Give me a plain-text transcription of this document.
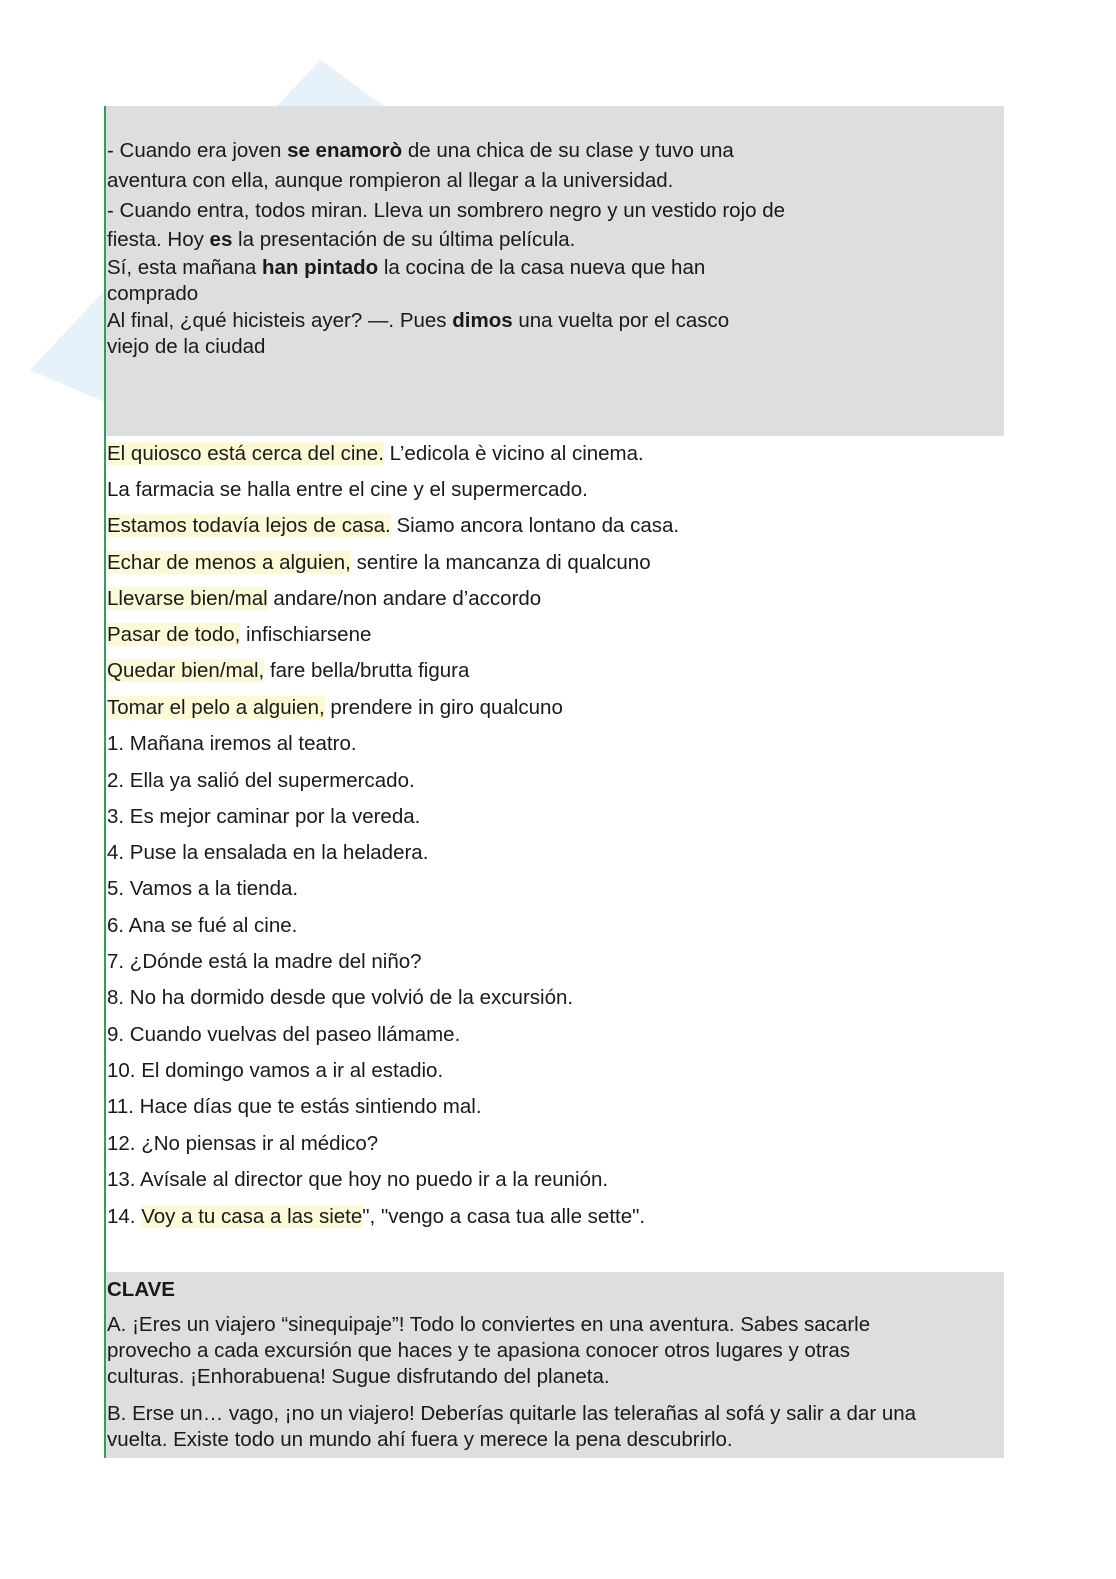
- Cuando era joven se enamorò de una chica de su clase y tuvo una

aventura con ella, aunque rompieron al llegar a la universidad.

- Cuando entra, todos miran. Lleva un sombrero negro y un vestido rojo de

fiesta. Hoy es la presentación de su última película.

Sí, esta mañana han pintado la cocina de la casa nueva que han

comprado

Al final, ¿qué hicisteis ayer? —. Pues dimos una vuelta por el casco

viejo de la ciudad

El quiosco está cerca del cine. L’edicola è vicino al cinema.

La farmacia se halla entre el cine y el supermercado.

Estamos todavía lejos de casa. Siamo ancora lontano da casa.

Echar de menos a alguien, sentire la mancanza di qualcuno

Llevarse bien/mal andare/non andare d’accordo

Pasar de todo, infischiarsene

Quedar bien/mal, fare bella/brutta figura

Tomar el pelo a alguien, prendere in giro qualcuno

1. Mañana iremos al teatro.

2. Ella ya salió del supermercado.

3. Es mejor caminar por la vereda.

4. Puse la ensalada en la heladera.

5. Vamos a la tienda.

6. Ana se fué al cine.

7. ¿Dónde está la madre del niño?

8. No ha dormido desde que volvió de la excursión.

9. Cuando vuelvas del paseo llámame.

10. El domingo vamos a ir al estadio.

11. Hace días que te estás sintiendo mal.

12. ¿No piensas ir al médico?

13. Avísale al director que hoy no puedo ir a la reunión.

14. Voy a tu casa a las siete", "vengo a casa tua alle sette".

CLAVE

A. ¡Eres un viajero “sinequipaje”! Todo lo conviertes en una aventura. Sabes sacarle

provecho a cada excursión que haces y te apasiona conocer otros lugares y otras

culturas. ¡Enhorabuena! Sugue disfrutando del planeta.

B. Erse un… vago, ¡no un viajero! Deberías quitarle las telerañas al sofá y salir a dar una

vuelta. Existe todo un mundo ahí fuera y merece la pena descubrirlo.
